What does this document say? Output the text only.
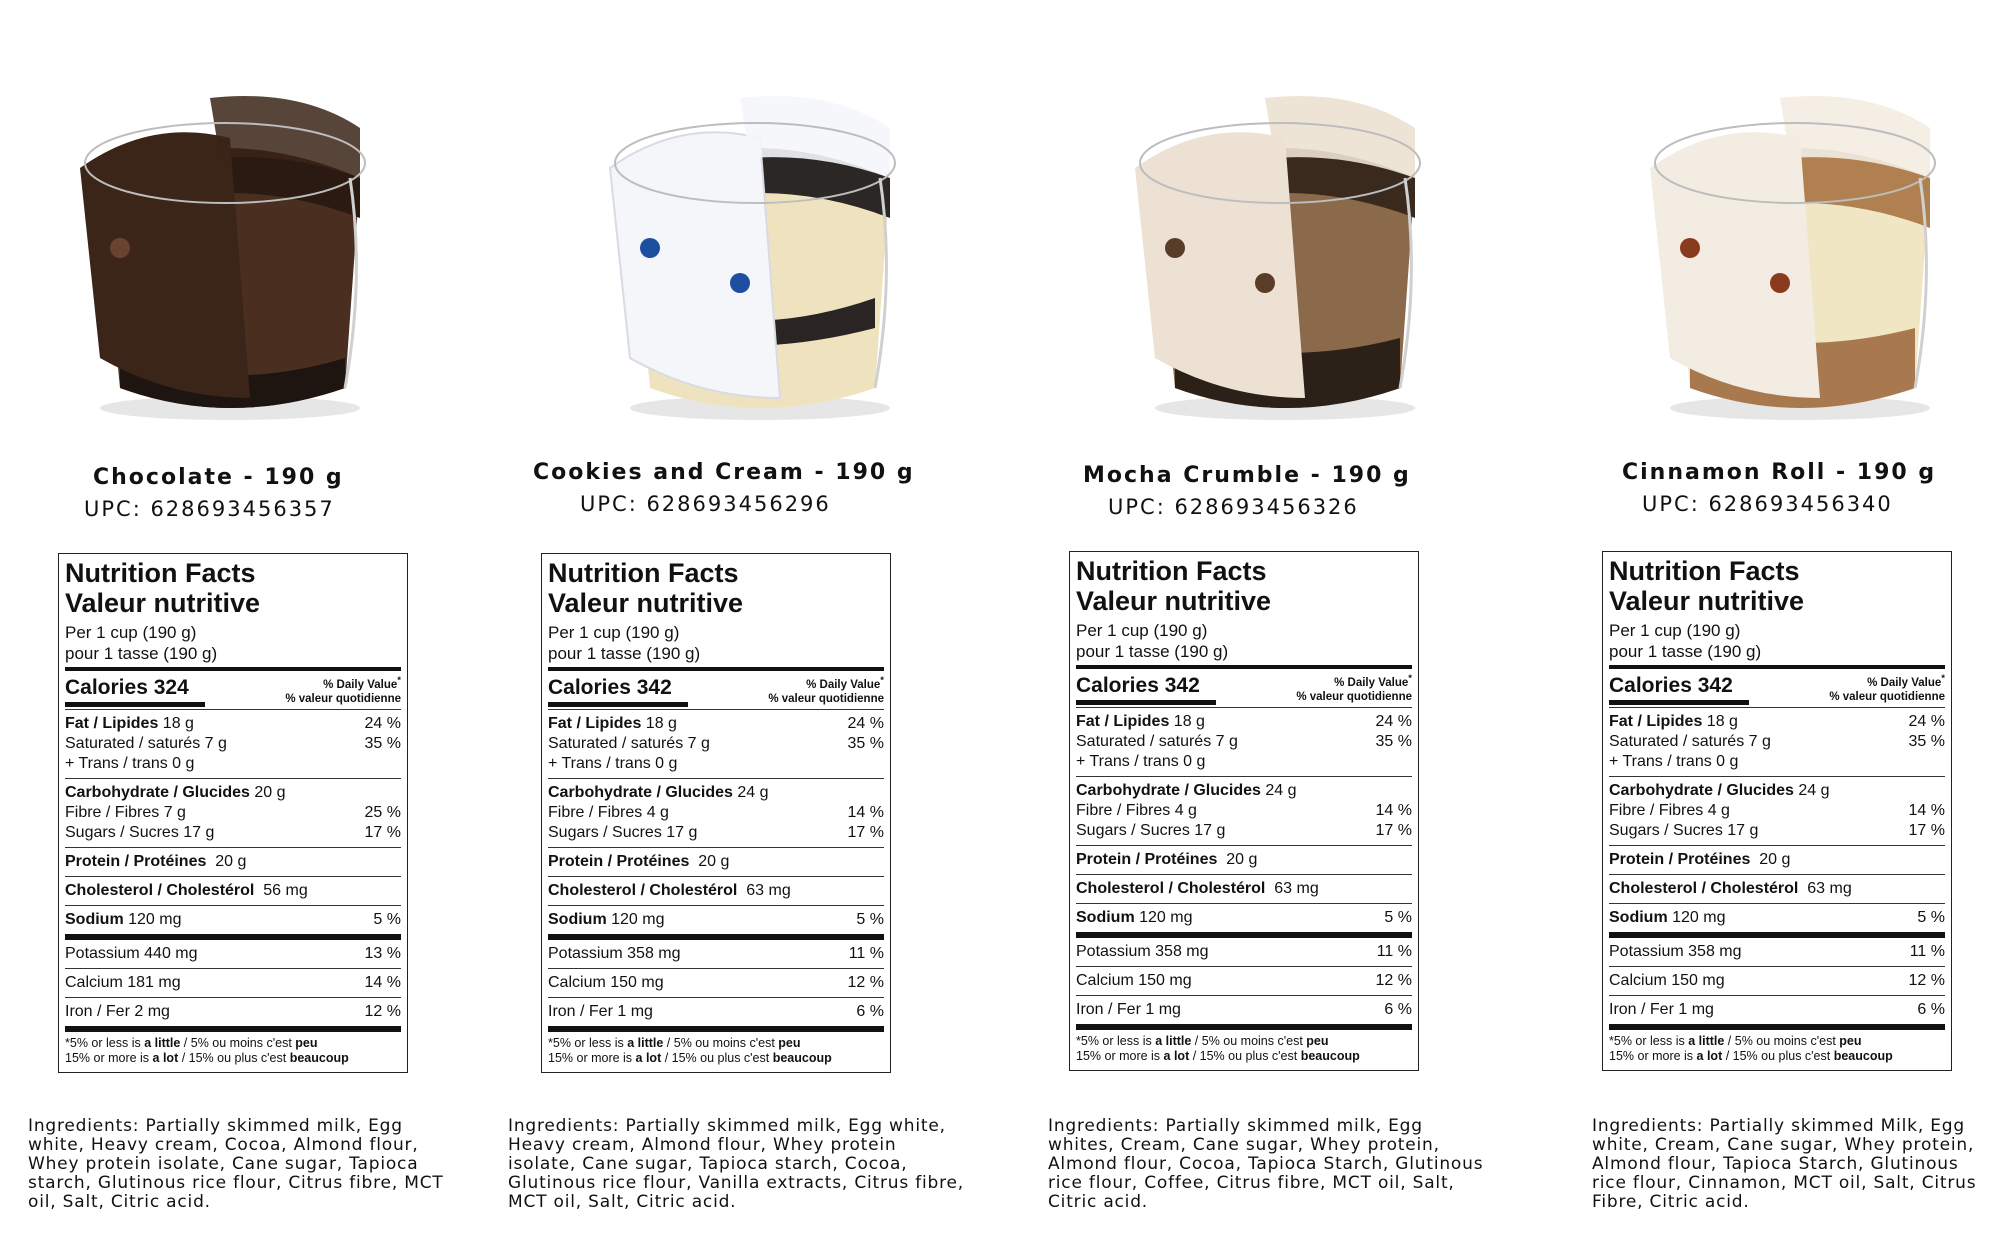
Chocolate - 190 g
UPC: 628693456357
Nutrition Facts
Valeur nutritive
Per 1 cup (190 g)
pour 1 tasse (190 g)
Calories 324	% Daily Value*
% valeur quotidienne
Fat / Lipides 18 g	24 %
Saturated / saturés 7 g	35 %
+ Trans / trans 0 g
Carbohydrate / Glucides 20 g
Fibre / Fibres 7 g	25 %
Sugars / Sucres 17 g	17 %
Protein / Protéines 20 g
Cholesterol / Cholestérol 56 mg
Sodium 120 mg	5 %
Potassium 440 mg	13 %
Calcium 181 mg	14 %
Iron / Fer 2 mg	12 %
*5% or less is a little / 5% ou moins c'est peu
15% or more is a lot / 15% ou plus c'est beaucoup
Ingredients: Partially skimmed milk, Egg white, Heavy cream, Cocoa, Almond flour, Whey protein isolate, Cane sugar, Tapioca starch, Glutinous rice flour, Citrus fibre, MCT oil, Salt, Citric acid.
Cookies and Cream - 190 g
UPC: 628693456296
Nutrition Facts
Valeur nutritive
Per 1 cup (190 g)
pour 1 tasse (190 g)
Calories 342	% Daily Value*
% valeur quotidienne
Fat / Lipides 18 g	24 %
Saturated / saturés 7 g	35 %
+ Trans / trans 0 g
Carbohydrate / Glucides 24 g
Fibre / Fibres 4 g	14 %
Sugars / Sucres 17 g	17 %
Protein / Protéines 20 g
Cholesterol / Cholestérol 63 mg
Sodium 120 mg	5 %
Potassium 358 mg	11 %
Calcium 150 mg	12 %
Iron / Fer 1 mg	6 %
*5% or less is a little / 5% ou moins c'est peu
15% or more is a lot / 15% ou plus c'est beaucoup
Ingredients: Partially skimmed milk, Egg white, Heavy cream, Almond flour, Whey protein isolate, Cane sugar, Tapioca starch, Cocoa, Glutinous rice flour, Vanilla extracts, Citrus fibre, MCT oil, Salt, Citric acid.
Mocha Crumble - 190 g
UPC: 628693456326
Nutrition Facts
Valeur nutritive
Per 1 cup (190 g)
pour 1 tasse (190 g)
Calories 342	% Daily Value*
% valeur quotidienne
Fat / Lipides 18 g	24 %
Saturated / saturés 7 g	35 %
+ Trans / trans 0 g
Carbohydrate / Glucides 24 g
Fibre / Fibres 4 g	14 %
Sugars / Sucres 17 g	17 %
Protein / Protéines 20 g
Cholesterol / Cholestérol 63 mg
Sodium 120 mg	5 %
Potassium 358 mg	11 %
Calcium 150 mg	12 %
Iron / Fer 1 mg	6 %
*5% or less is a little / 5% ou moins c'est peu
15% or more is a lot / 15% ou plus c'est beaucoup
Ingredients: Partially skimmed milk, Egg whites, Cream, Cane sugar, Whey protein, Almond flour, Cocoa, Tapioca Starch, Glutinous rice flour, Coffee, Citrus fibre, MCT oil, Salt, Citric acid.
Cinnamon Roll - 190 g
UPC: 628693456340
Nutrition Facts
Valeur nutritive
Per 1 cup (190 g)
pour 1 tasse (190 g)
Calories 342	% Daily Value*
% valeur quotidienne
Fat / Lipides 18 g	24 %
Saturated / saturés 7 g	35 %
+ Trans / trans 0 g
Carbohydrate / Glucides 24 g
Fibre / Fibres 4 g	14 %
Sugars / Sucres 17 g	17 %
Protein / Protéines 20 g
Cholesterol / Cholestérol 63 mg
Sodium 120 mg	5 %
Potassium 358 mg	11 %
Calcium 150 mg	12 %
Iron / Fer 1 mg	6 %
*5% or less is a little / 5% ou moins c'est peu
15% or more is a lot / 15% ou plus c'est beaucoup
Ingredients: Partially skimmed Milk, Egg white, Cream, Cane sugar, Whey protein, Almond flour, Tapioca Starch, Glutinous rice flour, Cinnamon, MCT oil, Salt, Citrus Fibre, Citric acid.
